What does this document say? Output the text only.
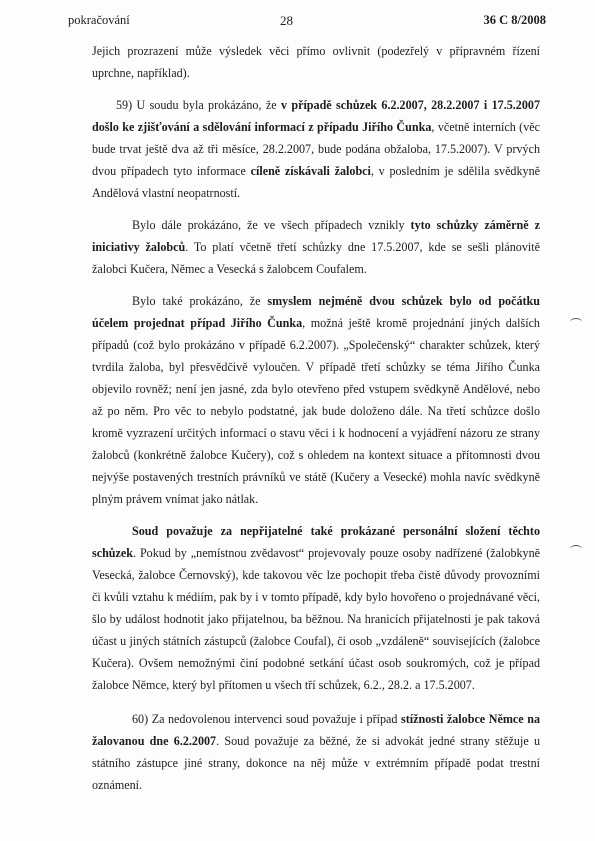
pokračování	28	36 C 8/2008

Jejich prozrazení může výsledek věci přímo ovlivnit (podezřelý v přípravném řízení uprchne, například).

59) U soudu byla prokázáno, že v případě schůzek 6.2.2007, 28.2.2007 i 17.5.2007 došlo ke zjišťování a sdělování informací z případu Jiřího Čunka, včetně interních (věc bude trvat ještě dva až tři měsíce, 28.2.2007, bude podána obžaloba, 17.5.2007). V prvých dvou případech tyto informace cíleně získávali žalobci, v posledním je sdělila svědkyně Andělová vlastní neopatrností.

Bylo dále prokázáno, že ve všech případech vznikly tyto schůzky záměrně z iniciativy žalobců. To platí včetně třetí schůzky dne 17.5.2007, kde se sešli plánovitě žalobci Kučera, Němec a Vesecká s žalobcem Coufalem.

Bylo také prokázáno, že smyslem nejméně dvou schůzek bylo od počátku účelem projednat případ Jiřího Čunka, možná ještě kromě projednání jiných dalších případů (což bylo prokázáno v případě 6.2.2007). „Společenský“ charakter schůzek, který tvrdila žaloba, byl přesvědčivě vyloučen. V případě třetí schůzky se téma Jiřího Čunka objevilo rovněž; není jen jasné, zda bylo otevřeno před vstupem svědkyně Andělové, nebo až po něm. Pro věc to nebylo podstatné, jak bude doloženo dále. Na třetí schůzce došlo kromě vyzrazení určitých informací o stavu věci i k hodnocení a vyjádření názoru ze strany žalobců (konkrétně žalobce Kučery), což s ohledem na kontext situace a přítomnosti dvou nejvýše postavených trestních právníků ve státě (Kučery a Vesecké) mohla navíc svědkyně plným právem vnímat jako nátlak.

Soud považuje za nepřijatelné také prokázané personální složení těchto schůzek. Pokud by „nemístnou zvědavost“ projevovaly pouze osoby nadřízené (žalobkyně Vesecká, žalobce Černovský), kde takovou věc lze pochopit třeba čistě důvody provozními či kvůli vztahu k médiím, pak by i v tomto případě, kdy bylo hovořeno o projednávané věci, šlo by událost hodnotit jako přijatelnou, ba běžnou. Na hranicích přijatelnosti je pak taková účast u jiných státních zástupců (žalobce Coufal), či osob „vzdáleně“ souvisejících (žalobce Kučera). Ovšem nemožnými činí podobné setkání účast osob soukromých, což je případ žalobce Němce, který byl přítomen u všech tří schůzek, 6.2., 28.2. a 17.5.2007.

60) Za nedovolenou intervenci soud považuje i případ stížnosti žalobce Němce na žalovanou dne 6.2.2007. Soud považuje za běžné, že si advokát jedné strany stěžuje u státního zástupce jiné strany, dokonce na něj může v extrémním případě podat trestní oznámení.
